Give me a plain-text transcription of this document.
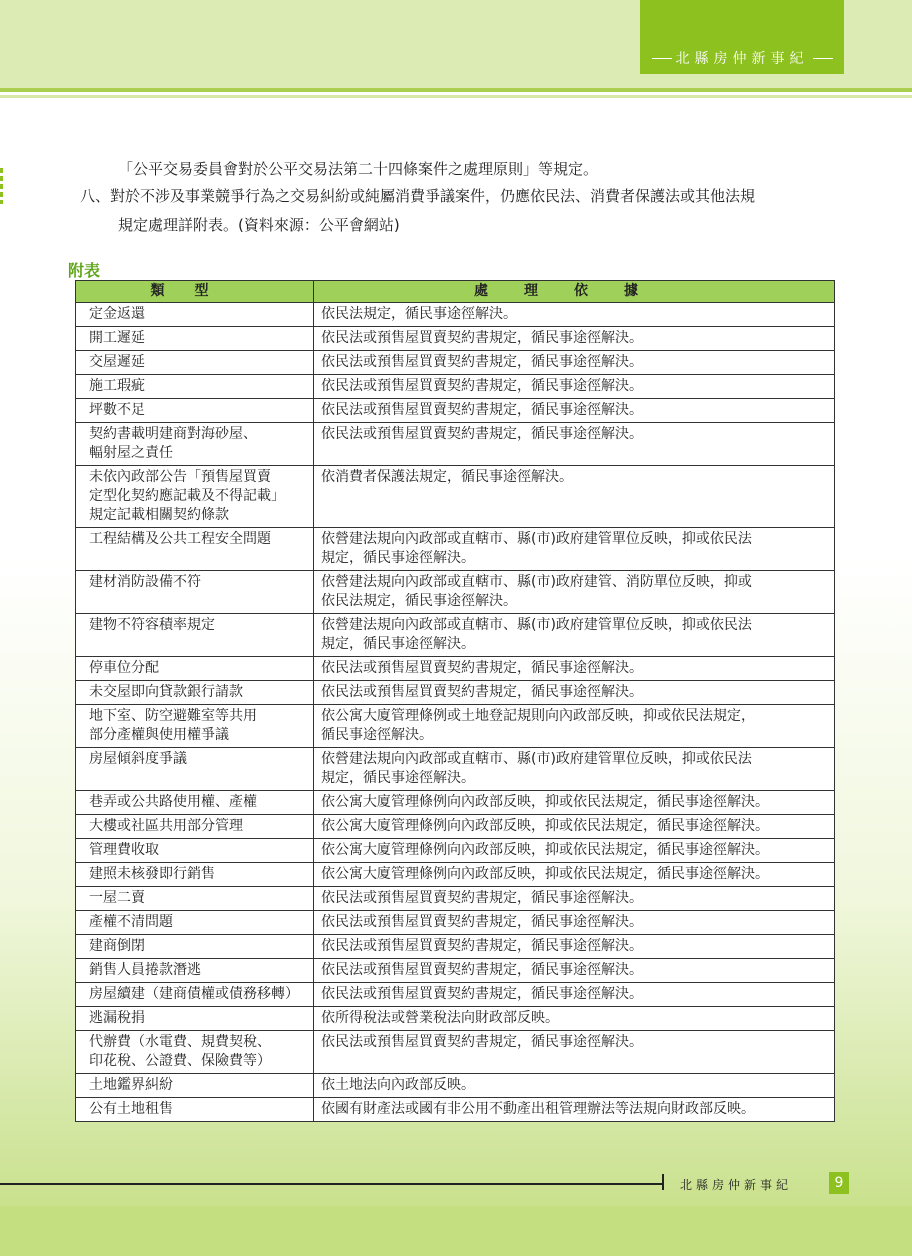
北縣房仲新事紀

「公平交易委員會對於公平交易法第二十四條案件之處理原則」等規定。

八、對於不涉及事業競爭行為之交易糾紛或純屬消費爭議案件，仍應依民法、消費者保護法或其他法規

規定處理詳附表。(資料來源：公平會網站)

附表
類型	處理依據

定金返還	依民法規定，循民事途徑解決。

開工遲延	依民法或預售屋買賣契約書規定，循民事途徑解決。

交屋遲延	依民法或預售屋買賣契約書規定，循民事途徑解決。

施工瑕疵	依民法或預售屋買賣契約書規定，循民事途徑解決。

坪數不足	依民法或預售屋買賣契約書規定，循民事途徑解決。

契約書載明建商對海砂屋、
輻射屋之責任	依民法或預售屋買賣契約書規定，循民事途徑解決。

未依內政部公告「預售屋買賣
定型化契約應記載及不得記載」
規定記載相關契約條款	依消費者保護法規定，循民事途徑解決。

工程結構及公共工程安全問題	依營建法規向內政部或直轄市、縣(市)政府建管單位反映，抑或依民法
規定，循民事途徑解決。

建材消防設備不符	依營建法規向內政部或直轄市、縣(市)政府建管、消防單位反映，抑或
依民法規定，循民事途徑解決。

建物不符容積率規定	依營建法規向內政部或直轄市、縣(市)政府建管單位反映，抑或依民法
規定，循民事途徑解決。

停車位分配	依民法或預售屋買賣契約書規定，循民事途徑解決。

未交屋即向貸款銀行請款	依民法或預售屋買賣契約書規定，循民事途徑解決。

地下室、防空避難室等共用
部分產權與使用權爭議	依公寓大廈管理條例或土地登記規則向內政部反映，抑或依民法規定，
循民事途徑解決。

房屋傾斜度爭議	依營建法規向內政部或直轄市、縣(市)政府建管單位反映，抑或依民法
規定，循民事途徑解決。

巷弄或公共路使用權、產權	依公寓大廈管理條例向內政部反映，抑或依民法規定，循民事途徑解決。

大樓或社區共用部分管理	依公寓大廈管理條例向內政部反映，抑或依民法規定，循民事途徑解決。

管理費收取	依公寓大廈管理條例向內政部反映，抑或依民法規定，循民事途徑解決。

建照未核發即行銷售	依公寓大廈管理條例向內政部反映，抑或依民法規定，循民事途徑解決。

一屋二賣	依民法或預售屋買賣契約書規定，循民事途徑解決。

產權不清問題	依民法或預售屋買賣契約書規定，循民事途徑解決。

建商倒閉	依民法或預售屋買賣契約書規定，循民事途徑解決。

銷售人員捲款潛逃	依民法或預售屋買賣契約書規定，循民事途徑解決。

房屋續建（建商債權或債務移轉）	依民法或預售屋買賣契約書規定，循民事途徑解決。

逃漏稅捐	依所得稅法或營業稅法向財政部反映。

代辦費（水電費、規費契稅、
印花稅、公證費、保險費等）	依民法或預售屋買賣契約書規定，循民事途徑解決。

土地鑑界糾紛	依土地法向內政部反映。

公有土地租售	依國有財產法或國有非公用不動產出租管理辦法等法規向財政部反映。
北縣房仲新事紀	9
